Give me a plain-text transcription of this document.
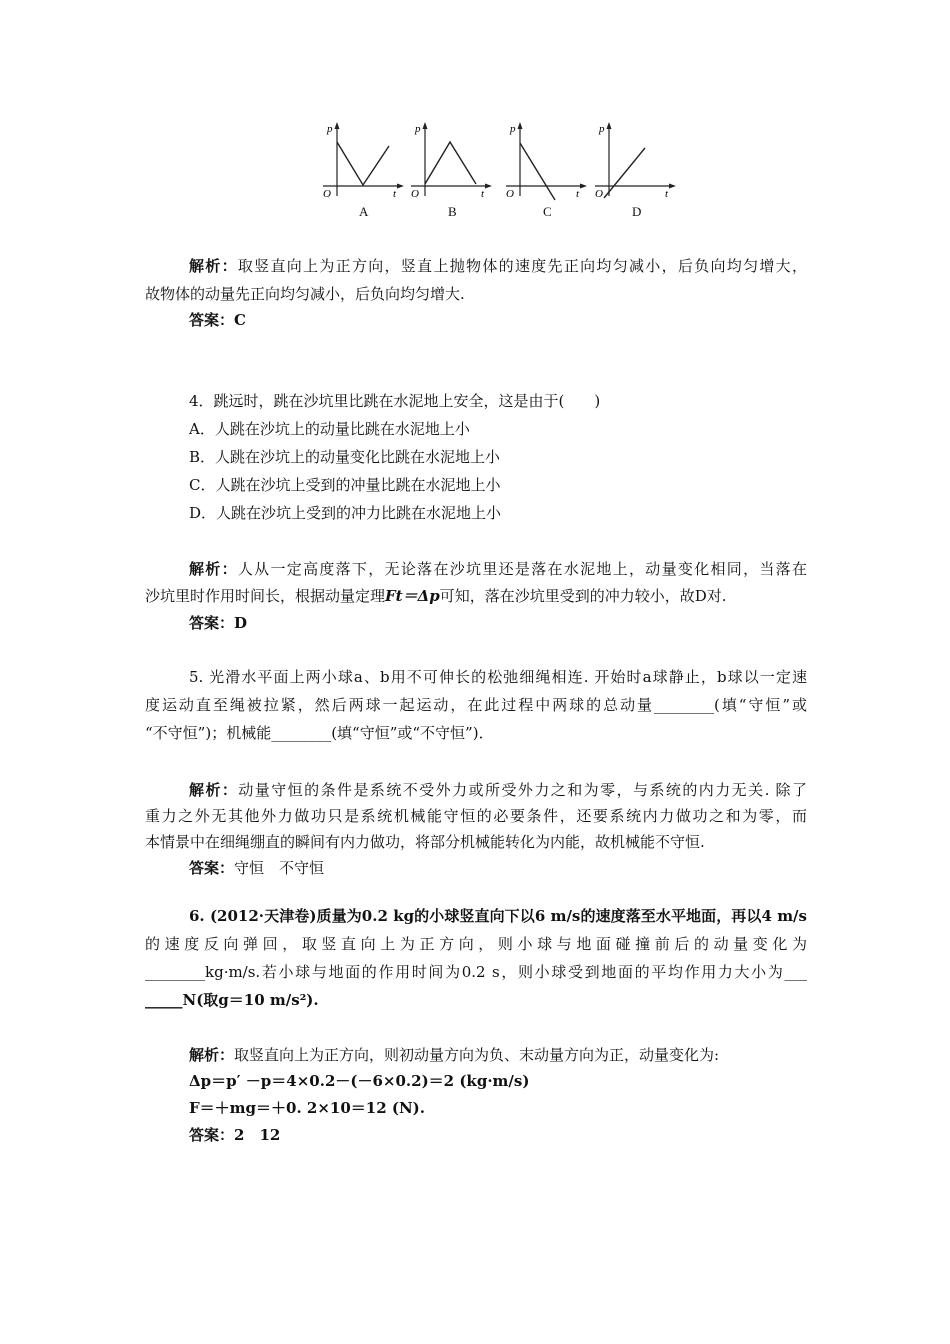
p
O	t
p
O	t
p
O	t
p
O	t
A	B	C	D
解析：取竖直向上为正方向，竖直上抛物体的速度先正向均匀减小，后负向均匀增大，
故物体的动量先正向均匀减小，后负向均匀增大.
答案：C
4．跳远时，跳在沙坑里比跳在水泥地上安全，这是由于(　　)
A．人跳在沙坑上的动量比跳在水泥地上小
B．人跳在沙坑上的动量变化比跳在水泥地上小
C．人跳在沙坑上受到的冲量比跳在水泥地上小
D．人跳在沙坑上受到的冲力比跳在水泥地上小
解析：人从一定高度落下，无论落在沙坑里还是落在水泥地上，动量变化相同，当落在
沙坑里时作用时间长，根据动量定理Ft＝Δp可知，落在沙坑里受到的冲力较小，故D对.
答案：D
5. 光滑水平面上两小球a、b用不可伸长的松弛细绳相连. 开始时a球静止，b球以一定速
度运动直至绳被拉紧，然后两球一起运动，在此过程中两球的总动量________(填“守恒”或
“不守恒”)；机械能________(填“守恒”或“不守恒”)．
解析：动量守恒的条件是系统不受外力或所受外力之和为零，与系统的内力无关. 除了
重力之外无其他外力做功只是系统机械能守恒的必要条件，还要系统内力做功之和为零，而
本情景中在细绳绷直的瞬间有内力做功，将部分机械能转化为内能，故机械能不守恒.
答案：守恒　不守恒
6. (2012·天津卷)质量为0.2 kg的小球竖直向下以6 m/s的速度落至水平地面，再以4 m/s
的速度反向弹回，取竖直向上为正方向，则小球与地面碰撞前后的动量变化为
________kg·m/s.若小球与地面的作用时间为0.2 s，则小球受到地面的平均作用力大小为___
_____N(取g＝10 m/s²).
解析：取竖直向上为正方向，则初动量方向为负、末动量方向为正，动量变化为:
Δp＝p′ －p＝4×0.2－(－6×0.2)＝2 (kg·m/s)
F＝＋mg＝＋0. 2×10＝12 (N).
答案：2　12
